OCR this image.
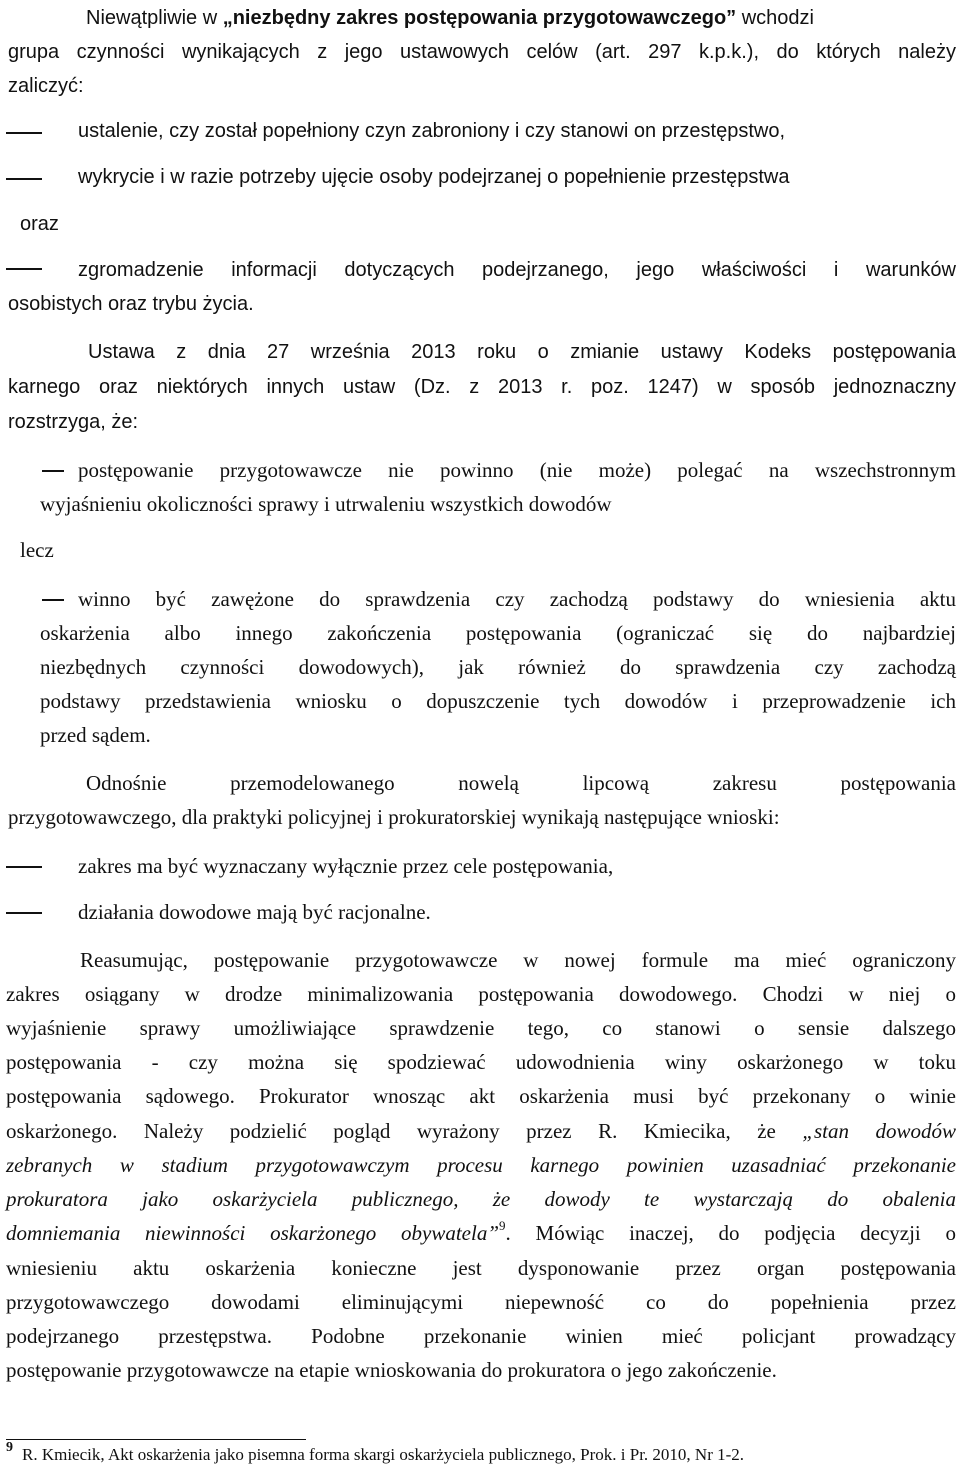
Niewątpliwie w „niezbędny zakres postępowania przygotowawczego” wchodzi
grupa czynności wynikających z jego ustawowych celów (art. 297 k.p.k.), do których należy
zaliczyć:
ustalenie, czy został popełniony czyn zabroniony i czy stanowi on przestępstwo,
wykrycie i w razie potrzeby ujęcie osoby podejrzanej o popełnienie przestępstwa
oraz
zgromadzenie informacji dotyczących podejrzanego, jego właściwości i warunków
osobistych oraz trybu życia.
Ustawa z dnia 27 września 2013 roku o zmianie ustawy Kodeks postępowania
karnego oraz niektórych innych ustaw (Dz. z 2013 r. poz. 1247) w sposób jednoznaczny
rozstrzyga, że:
postępowanie przygotowawcze nie powinno (nie może) polegać na wszechstronnym
wyjaśnieniu okoliczności sprawy i utrwaleniu wszystkich dowodów
lecz
winno być zawężone do sprawdzenia czy zachodzą podstawy do wniesienia aktu
oskarżenia albo innego zakończenia postępowania (ograniczać się do najbardziej
niezbędnych czynności dowodowych), jak również do sprawdzenia czy zachodzą
podstawy przedstawienia wniosku o dopuszczenie tych dowodów i przeprowadzenie ich
przed sądem.
Odnośnie przemodelowanego nowelą lipcową zakresu postępowania
przygotowawczego, dla praktyki policyjnej i prokuratorskiej wynikają następujące wnioski:
zakres ma być wyznaczany wyłącznie przez cele postępowania,
działania dowodowe mają być racjonalne.
Reasumując, postępowanie przygotowawcze w nowej formule ma mieć ograniczony
zakres osiągany w drodze minimalizowania postępowania dowodowego. Chodzi w niej o
wyjaśnienie sprawy umożliwiające sprawdzenie tego, co stanowi o sensie dalszego
postępowania - czy można się spodziewać udowodnienia winy oskarżonego w toku
postępowania sądowego. Prokurator wnosząc akt oskarżenia musi być przekonany o winie
oskarżonego. Należy podzielić pogląd wyrażony przez R. Kmiecika, że „stan dowodów
zebranych w stadium przygotowawczym procesu karnego powinien uzasadniać przekonanie
prokuratora jako oskarżyciela publicznego, że dowody te wystarczają do obalenia
domniemania niewinności oskarżonego obywatela”$^9$. Mówiąc inaczej, do podjęcia decyzji o
wniesieniu aktu oskarżenia konieczne jest dysponowanie przez organ postępowania
przygotowawczego dowodami eliminującymi niepewność co do popełnienia przez
podejrzanego przestępstwa. Podobne przekonanie winien mieć policjant prowadzący
postępowanie przygotowawcze na etapie wnioskowania do prokuratora o jego zakończenie.
9 R. Kmiecik, Akt oskarżenia jako pisemna forma skargi oskarżyciela publicznego, Prok. i Pr. 2010, Nr 1-2.
